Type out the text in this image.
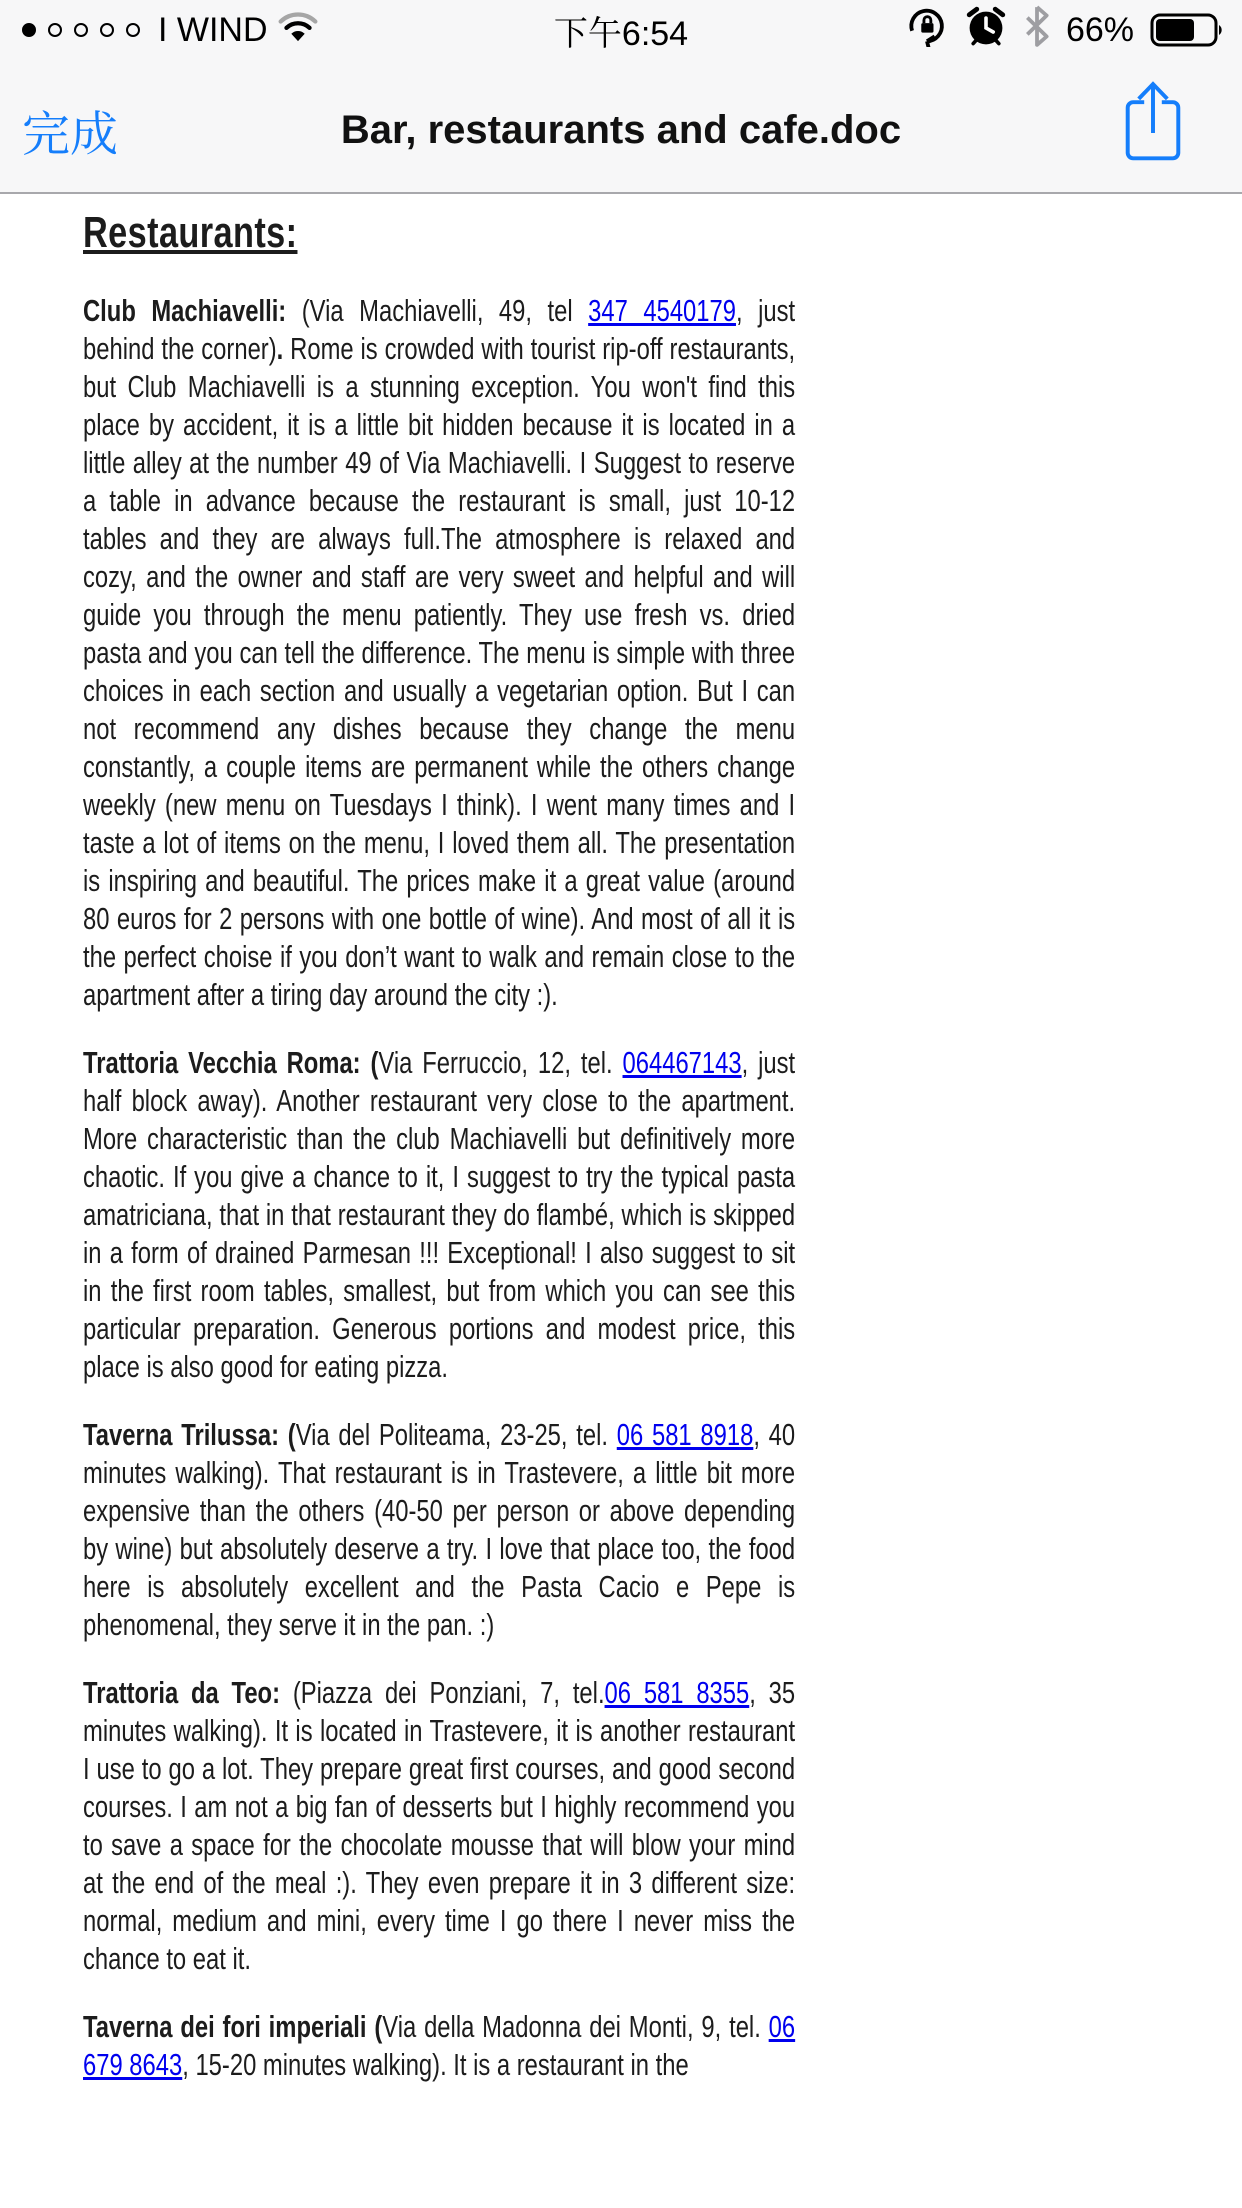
I WIND	下午6:54	66%
完成	Bar, restaurants and cafe.doc
Restaurants:

Club Machiavelli: (Via Machiavelli, 49, tel 347 4540179, just behind the corner). Rome is crowded with tourist rip-off restaurants, but Club Machiavelli is a stunning exception. You won't find this place by accident, it is a little bit hidden because it is located in a little alley at the number 49 of Via Machiavelli. I Suggest to reserve a table in advance because the restaurant is small, just 10-12 tables and they are always full.The atmosphere is relaxed and cozy, and the owner and staff are very sweet and helpful and will guide you through the menu patiently. They use fresh vs. dried pasta and you can tell the difference. The menu is simple with three choices in each section and usually a vegetarian option. But I can not recommend any dishes because they change the menu constantly, a couple items are permanent while the others change weekly (new menu on Tuesdays I think). I went many times and I taste a lot of items on the menu, I loved them all. The presentation is inspiring and beautiful. The prices make it a great value (around 80 euros for 2 persons with one bottle of wine). And most of all it is the perfect choise if you don’t want to walk and remain close to the apartment after a tiring day around the city :).

Trattoria Vecchia Roma: (Via Ferruccio, 12, tel. 064467143, just half block away). Another restaurant very close to the apartment. More characteristic than the club Machiavelli but definitively more chaotic. If you give a chance to it, I suggest to try the typical pasta amatriciana, that in that restaurant they do flambé, which is skipped in a form of drained Parmesan !!! Exceptional! I also suggest to sit in the first room tables, smallest, but from which you can see this particular preparation. Generous portions and modest price, this place is also good for eating pizza.

Taverna Trilussa: (Via del Politeama, 23-25, tel. 06 581 8918, 40 minutes walking). That restaurant is in Trastevere, a little bit more expensive than the others (40-50 per person or above depending by wine) but absolutely deserve a try. I love that place too, the food here is absolutely excellent and the Pasta Cacio e Pepe is phenomenal, they serve it in the pan. :)

Trattoria da Teo: (Piazza dei Ponziani, 7, tel.06 581 8355, 35 minutes walking). It is located in Trastevere, it is another restaurant I use to go a lot. They prepare great first courses, and good second courses. I am not a big fan of desserts but I highly recommend you to save a space for the chocolate mousse that will blow your mind at the end of the meal :). They even prepare it in 3 different size: normal, medium and mini, every time I go there I never miss the chance to eat it.

Taverna dei fori imperiali (Via della Madonna dei Monti, 9, tel. 06 679 8643, 15-20 minutes walking). It is a restaurant in the
